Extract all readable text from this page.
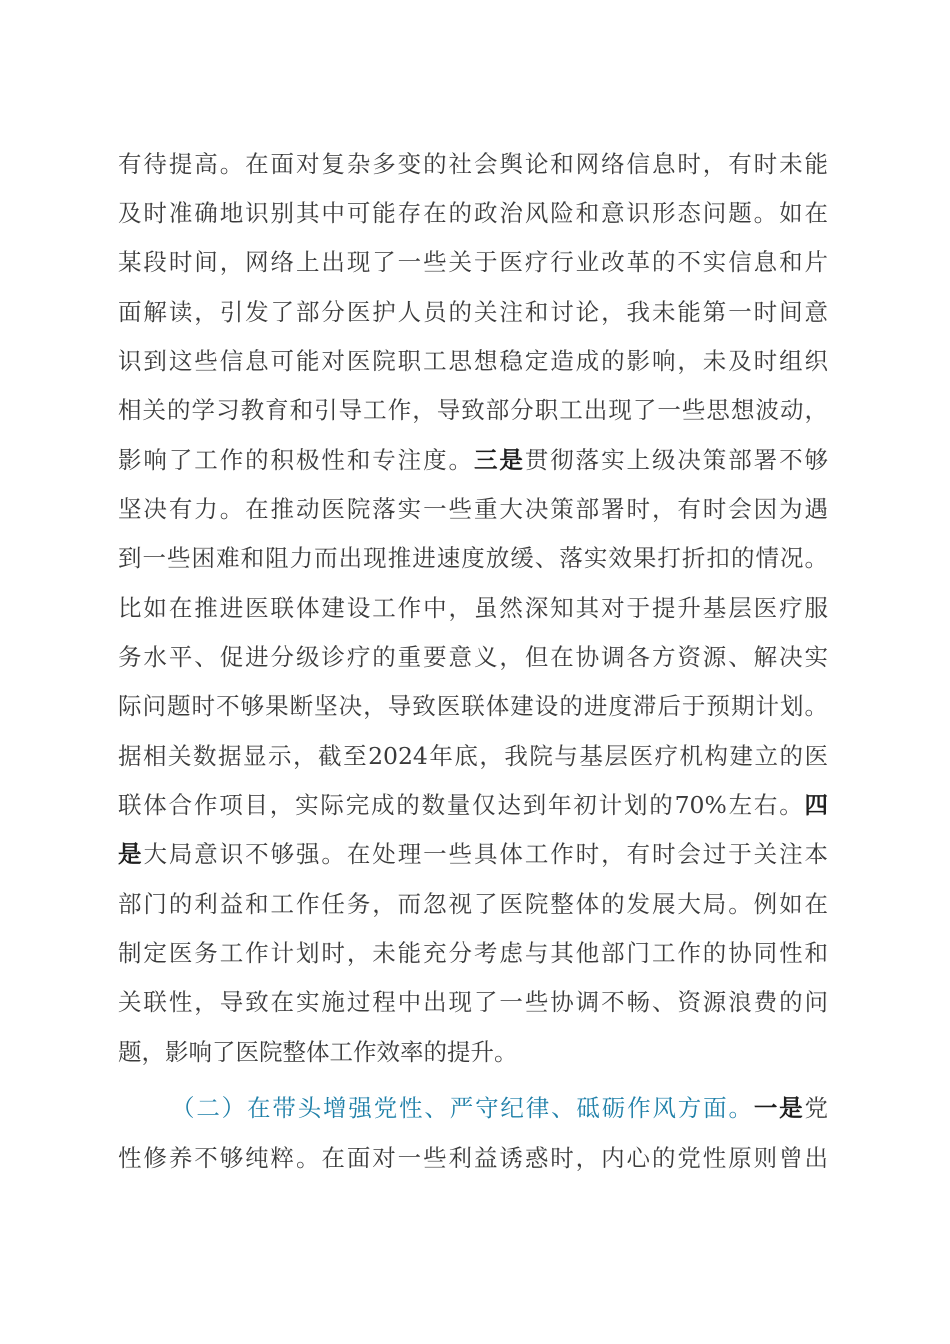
有待提高。在面对复杂多变的社会舆论和网络信息时，有时未能
及时准确地识别其中可能存在的政治风险和意识形态问题。如在
某段时间，网络上出现了一些关于医疗行业改革的不实信息和片
面解读，引发了部分医护人员的关注和讨论，我未能第一时间意
识到这些信息可能对医院职工思想稳定造成的影响，未及时组织
相关的学习教育和引导工作，导致部分职工出现了一些思想波动，
影响了工作的积极性和专注度。三是贯彻落实上级决策部署不够
坚决有力。在推动医院落实一些重大决策部署时，有时会因为遇
到一些困难和阻力而出现推进速度放缓、落实效果打折扣的情况。
比如在推进医联体建设工作中，虽然深知其对于提升基层医疗服
务水平、促进分级诊疗的重要意义，但在协调各方资源、解决实
际问题时不够果断坚决，导致医联体建设的进度滞后于预期计划。
据相关数据显示，截至2024年底，我院与基层医疗机构建立的医
联体合作项目，实际完成的数量仅达到年初计划的70%左右。四
是大局意识不够强。在处理一些具体工作时，有时会过于关注本
部门的利益和工作任务，而忽视了医院整体的发展大局。例如在
制定医务工作计划时，未能充分考虑与其他部门工作的协同性和
关联性，导致在实施过程中出现了一些协调不畅、资源浪费的问
题，影响了医院整体工作效率的提升。
（二）在带头增强党性、严守纪律、砥砺作风方面。一是党
性修养不够纯粹。在面对一些利益诱惑时，内心的党性原则曾出
